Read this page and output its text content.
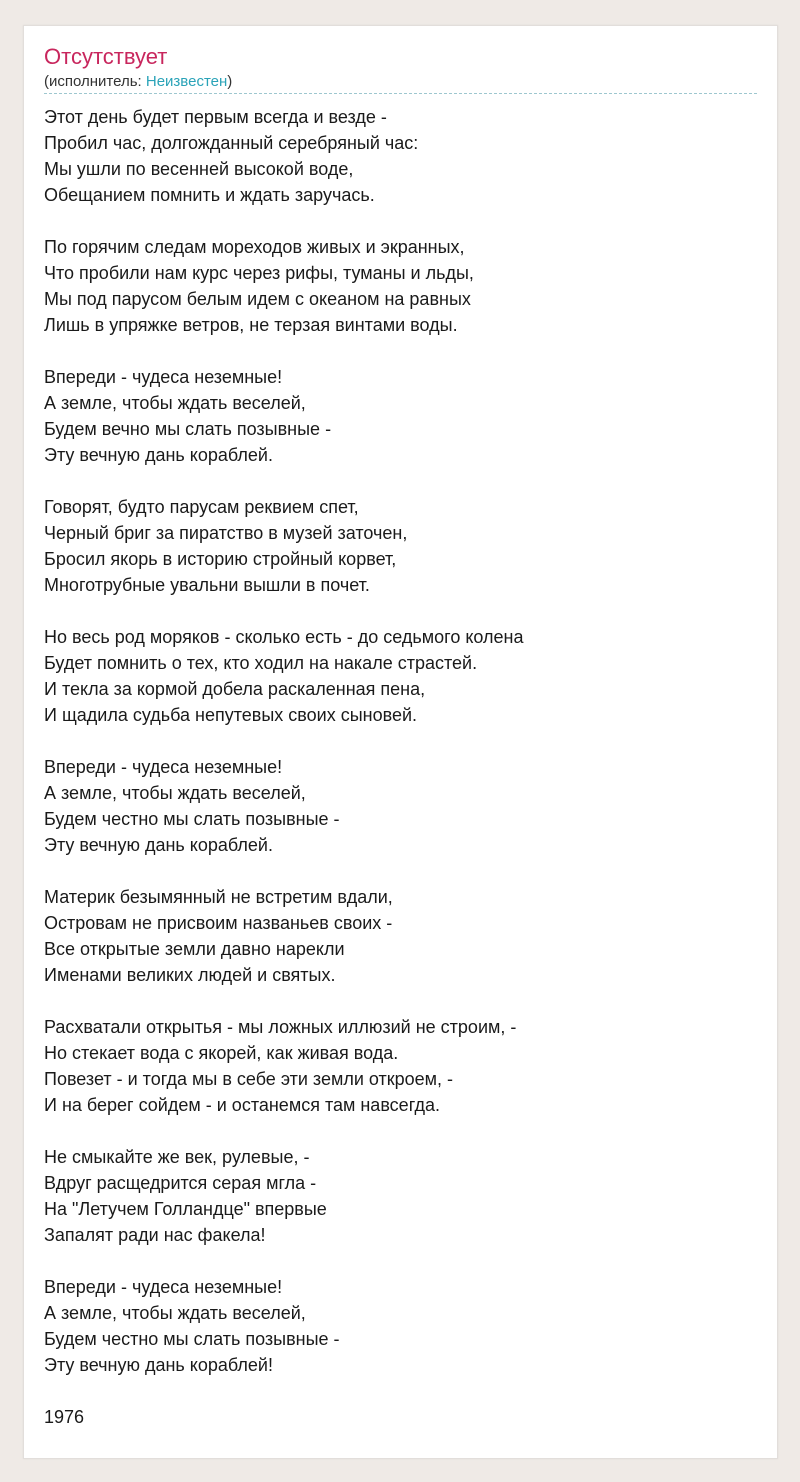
Отсутствует
(исполнитель: Неизвестен)
Этот день будет первым всегда и везде -
Пробил час, долгожданный серебряный час:
Мы ушли по весенней высокой воде,
Обещанием помнить и ждать заручась.
По горячим следам мореходов живых и экранных,
Что пробили нам курс через рифы, туманы и льды,
Мы под парусом белым идем с океаном на равных
Лишь в упряжке ветров, не терзая винтами воды.
Впереди - чудеса неземные!
А земле, чтобы ждать веселей,
Будем вечно мы слать позывные -
Эту вечную дань кораблей.
Говорят, будто парусам реквием спет,
Черный бриг за пиратство в музей заточен,
Бросил якорь в историю стройный корвет,
Многотрубные увальни вышли в почет.
Но весь род моряков - сколько есть - до седьмого колена
Будет помнить о тех, кто ходил на накале страстей.
И текла за кормой добела раскаленная пена,
И щадила судьба непутевых своих сыновей.
Впереди - чудеса неземные!
А земле, чтобы ждать веселей,
Будем честно мы слать позывные -
Эту вечную дань кораблей.
Материк безымянный не встретим вдали,
Островам не присвоим названьев своих -
Все открытые земли давно нарекли
Именами великих людей и святых.
Расхватали открытья - мы ложных иллюзий не строим, -
Но стекает вода с якорей, как живая вода.
Повезет - и тогда мы в себе эти земли откроем, -
И на берег сойдем - и останемся там навсегда.
Не смыкайте же век, рулевые, -
Вдруг расщедрится серая мгла -
На "Летучем Голландце" впервые
Запалят ради нас факела!
Впереди - чудеса неземные!
А земле, чтобы ждать веселей,
Будем честно мы слать позывные -
Эту вечную дань кораблей!
1976
